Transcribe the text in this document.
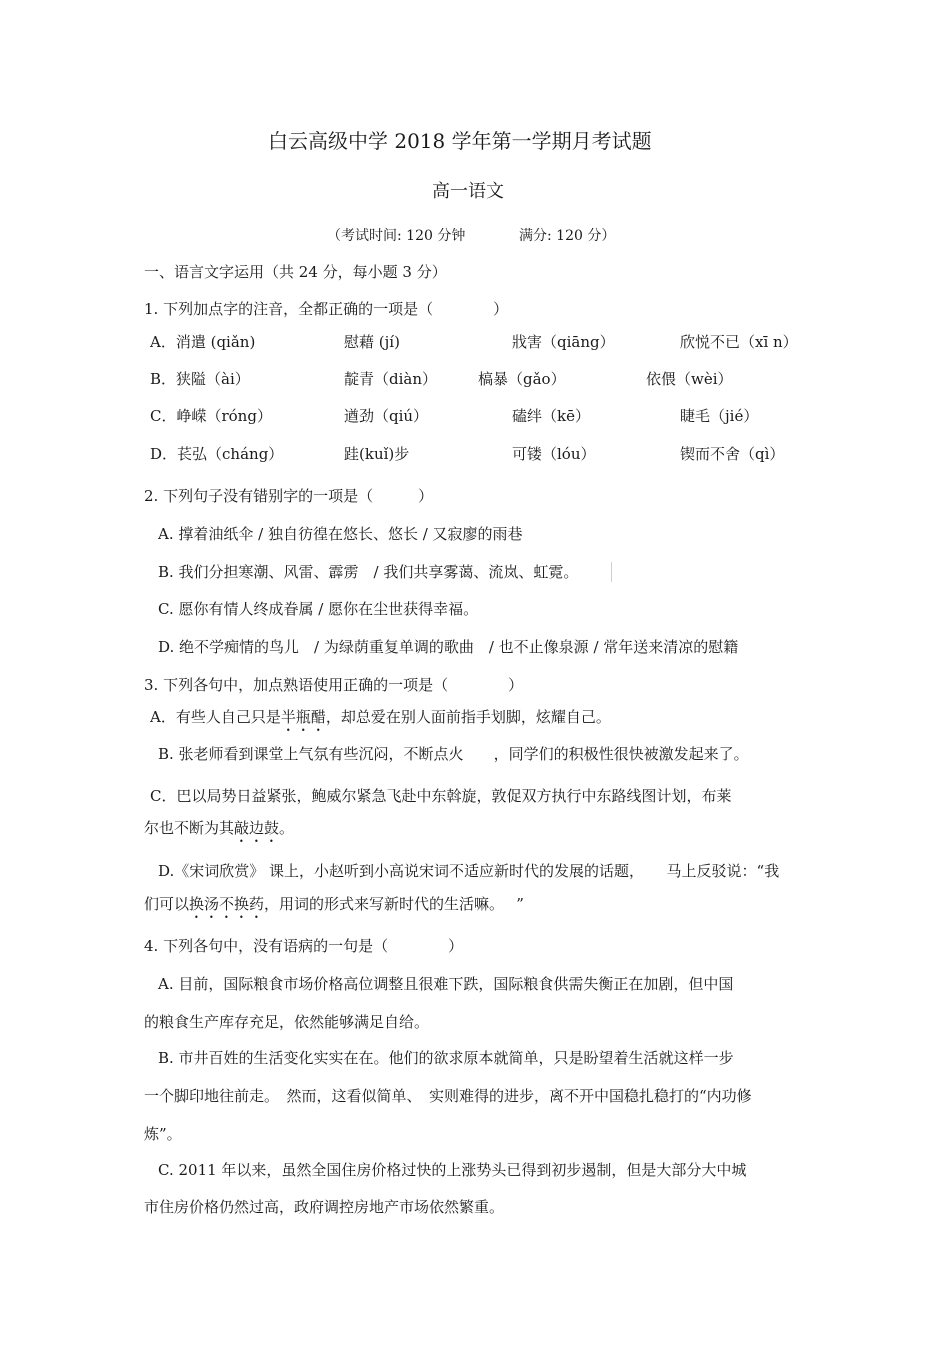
白云高级中学 2018 学年第一学期月考试题
高一语文
（考试时间: 120 分钟	满分: 120 分）
一、语言文字运用（共 24 分，每小题 3 分）
1. 下列加点字的注音，全都正确的一项是（　　　　）
A．消遣 (qiǎn)	慰藉 (jí)	戕害（qiāng）	欣悦不已（xī n）
B．狭隘（ài）	靛青（diàn）	槁暴（gǎo）	依偎（wèi）
C．峥嵘（róng）	遒劲（qiú）	磕绊（kē）	睫毛（jié）
D．苌弘（cháng）	跬(kuǐ)步	可镂（lóu）	锲而不舍（qì）
2. 下列句子没有错别字的一项是（　　　）
A. 撑着油纸伞 / 独自彷徨在悠长、悠长 / 又寂廖的雨巷
B. 我们分担寒潮、风雷、霹雳　/ 我们共享雾蔼、流岚、虹霓。
C. 愿你有情人终成眷属 / 愿你在尘世获得幸福。
D. 绝不学痴情的鸟儿　/ 为绿荫重复单调的歌曲　/ 也不止像泉源 / 常年送来清凉的慰籍
3. 下列各句中，加点熟语使用正确的一项是（　　　　）
A．有些人自己只是半瓶醋，却总爱在别人面前指手划脚，炫耀自己。
B. 张老师看到课堂上气氛有些沉闷，不断点火　　 ，同学们的积极性很快被激发起来了。
C．巴以局势日益紧张，鲍威尔紧急飞赴中东斡旋，敦促双方执行中东路线图计划，布莱
尔也不断为其敲边鼓。
D.《宋词欣赏》 课上，小赵听到小高说宋词不适应新时代的发展的话题，　　马上反驳说：“我
们可以换汤不换药，用词的形式来写新时代的生活嘛。　 ”
4. 下列各句中，没有语病的一句是（　　　　）
A. 目前，国际粮食市场价格高位调整且很难下跌，国际粮食供需失衡正在加剧，但中国
的粮食生产库存充足，依然能够满足自给。
B. 市井百姓的生活变化实实在在。他们的欲求原本就简单，只是盼望着生活就这样一步
一个脚印地往前走。　然而，这看似简单、　实则难得的进步，离不开中国稳扎稳打的“内功修
炼”。
C. 2011 年以来，虽然全国住房价格过快的上涨势头已得到初步遏制，但是大部分大中城
市住房价格仍然过高，政府调控房地产市场依然繁重。
